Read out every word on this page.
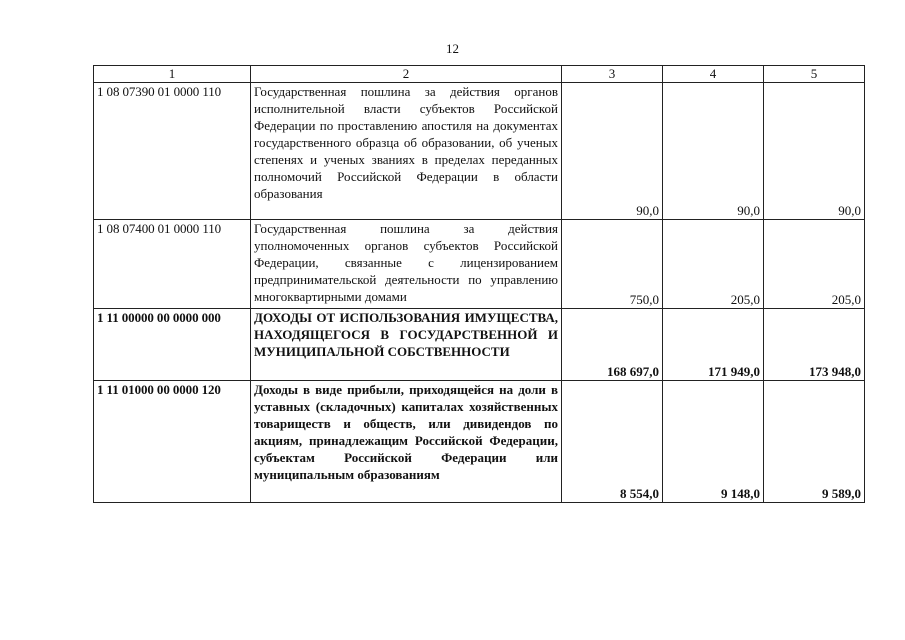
12
1	2	3	4	5
1 08 07390 01 0000 110	Государственная пошлина за действия органов исполнительной власти субъектов Российской Федерации по проставлению апостиля на документах государственного образца об образовании, об ученых степенях и ученых званиях в пределах переданных полномочий Российской Федерации в области образования	90,0	90,0	90,0
1 08 07400 01 0000 110	Государственная пошлина за действия уполномоченных органов субъектов Российской Федерации, связанные с лицензированием предпринимательской деятельности по управлению многоквартирными домами	750,0	205,0	205,0
1 11 00000 00 0000 000	ДОХОДЫ ОТ ИСПОЛЬЗОВАНИЯ ИМУЩЕСТВА, НАХОДЯЩЕГОСЯ В ГОСУДАРСТВЕННОЙ И МУНИЦИПАЛЬНОЙ СОБСТВЕННОСТИ	168 697,0	171 949,0	173 948,0
1 11 01000 00 0000 120	Доходы в виде прибыли, приходящейся на доли в уставных (складочных) капиталах хозяйственных товариществ и обществ, или дивидендов по акциям, принадлежащим Российской Федерации, субъектам Российской Федерации или муниципальным образованиям	8 554,0	9 148,0	9 589,0
